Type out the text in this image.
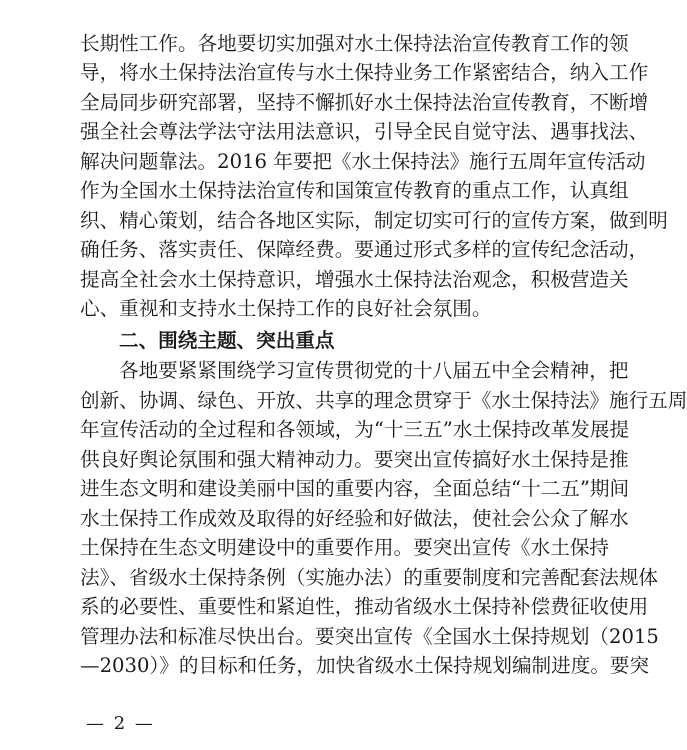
长期性工作。各地要切实加强对水土保持法治宣传教育工作的领
导，将水土保持法治宣传与水土保持业务工作紧密结合，纳入工作
全局同步研究部署，坚持不懈抓好水土保持法治宣传教育，不断增
强全社会尊法学法守法用法意识，引导全民自觉守法、遇事找法、
解决问题靠法。2016 年要把《水土保持法》施行五周年宣传活动
作为全国水土保持法治宣传和国策宣传教育的重点工作，认真组
织、精心策划，结合各地区实际，制定切实可行的宣传方案，做到明
确任务、落实责任、保障经费。要通过形式多样的宣传纪念活动，
提高全社会水土保持意识，增强水土保持法治观念，积极营造关
心、重视和支持水土保持工作的良好社会氛围。
二、围绕主题、突出重点
各地要紧紧围绕学习宣传贯彻党的十八届五中全会精神，把
创新、协调、绿色、开放、共享的理念贯穿于《水土保持法》施行五周
年宣传活动的全过程和各领域，为“十三五”水土保持改革发展提
供良好舆论氛围和强大精神动力。要突出宣传搞好水土保持是推
进生态文明和建设美丽中国的重要内容，全面总结“十二五”期间
水土保持工作成效及取得的好经验和好做法，使社会公众了解水
土保持在生态文明建设中的重要作用。要突出宣传《水土保持
法》、省级水土保持条例（实施办法）的重要制度和完善配套法规体
系的必要性、重要性和紧迫性，推动省级水土保持补偿费征收使用
管理办法和标准尽快出台。要突出宣传《全国水土保持规划（2015
—2030）》的目标和任务，加快省级水土保持规划编制进度。要突
— 2 —
